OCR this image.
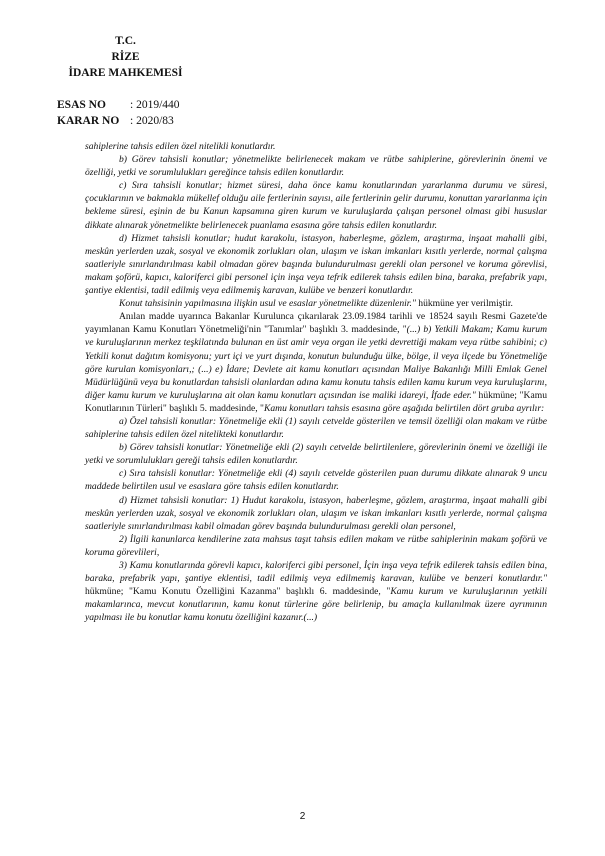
T.C.
RİZE
İDARE MAHKEMESİ
ESAS NO : 2019/440
KARAR NO : 2020/83

sahiplerine tahsis edilen özel nitelikli konutlardır.

b) Görev tahsisli konutlar; yönetmelikte belirlenecek makam ve rütbe sahiplerine, görevlerinin önemi ve özelliği, yetki ve sorumlulukları gereğince tahsis edilen konutlardır.

c) Sıra tahsisli konutlar; hizmet süresi, daha önce kamu konutlarından yararlanma durumu ve süresi, çocuklarının ve bakmakla mükellef olduğu aile fertlerinin sayısı, aile fertlerinin gelir durumu, konuttan yararlanma için bekleme süresi, eşinin de bu Kanun kapsamına giren kurum ve kuruluşlarda çalışan personel olması gibi hususlar dikkate alınarak yönetmelikte belirlenecek puanlama esasına göre tahsis edilen konutlardır.

d) Hizmet tahsisli konutlar; hudut karakolu, istasyon, haberleşme, gözlem, araştırma, inşaat mahalli gibi, meskûn yerlerden uzak, sosyal ve ekonomik zorlukları olan, ulaşım ve iskan imkanları kısıtlı yerlerde, normal çalışma saatleriyle sınırlandırılması kabil olmadan görev başında bulundurulması gerekli olan personel ve koruma görevlisi, makam şoförü, kapıcı, kaloriferci gibi personel için inşa veya tefrik edilerek tahsis edilen bina, baraka, prefabrik yapı, şantiye eklentisi, tadil edilmiş veya edilmemiş karavan, kulübe ve benzeri konutlardır.

Konut tahsisinin yapılmasına ilişkin usul ve esaslar yönetmelikte düzenlenir." hükmüne yer verilmiştir.

Anılan madde uyarınca Bakanlar Kurulunca çıkarılarak 23.09.1984 tarihli ve 18524 sayılı Resmi Gazete'de yayımlanan Kamu Konutları Yönetmeliği'nin "Tanımlar" başlıklı 3. maddesinde, "(...) b) Yetkili Makam; Kamu kurum ve kuruluşlarının merkez teşkilatında bulunan en üst amir veya organ ile yetki devrettiği makam veya rütbe sahibini; c) Yetkili konut dağıtım komisyonu; yurt içi ve yurt dışında, konutun bulunduğu ülke, bölge, il veya ilçede bu Yönetmeliğe göre kurulan komisyonları,; (...) e) İdare; Devlete ait kamu konutları açısından Maliye Bakanlığı Milli Emlak Genel Müdürlüğünü veya bu konutlardan tahsisli olanlardan adına kamu konutu tahsis edilen kamu kurum veya kuruluşlarını, diğer kamu kurum ve kuruluşlarına ait olan kamu konutları açısından ise maliki idareyi, İfade eder." hükmüne; "Kamu Konutlarının Türleri" başlıklı 5. maddesinde, "Kamu konutları tahsis esasına göre aşağıda belirtilen dört gruba ayrılır:

a) Özel tahsisli konutlar: Yönetmeliğe ekli (1) sayılı cetvelde gösterilen ve temsil özelliği olan makam ve rütbe sahiplerine tahsis edilen özel nitelikteki konutlardır.

b) Görev tahsisli konutlar: Yönetmeliğe ekli (2) sayılı cetvelde belirtilenlere, görevlerinin önemi ve özelliği ile yetki ve sorumlulukları gereği tahsis edilen konutlardır.

c) Sıra tahsisli konutlar: Yönetmeliğe ekli (4) sayılı cetvelde gösterilen puan durumu dikkate alınarak 9 uncu maddede belirtilen usul ve esaslara göre tahsis edilen konutlardır.

d) Hizmet tahsisli konutlar: 1) Hudut karakolu, istasyon, haberleşme, gözlem, araştırma, inşaat mahalli gibi meskûn yerlerden uzak, sosyal ve ekonomik zorlukları olan, ulaşım ve iskan imkanları kısıtlı yerlerde, normal çalışma saatleriyle sınırlandırılması kabil olmadan görev başında bulundurulması gerekli olan personel,

2) İlgili kanunlarca kendilerine zata mahsus taşıt tahsis edilen makam ve rütbe sahiplerinin makam şoförü ve koruma görevlileri,

3) Kamu konutlarında görevli kapıcı, kaloriferci gibi personel, İçin inşa veya tefrik edilerek tahsis edilen bina, baraka, prefabrik yapı, şantiye eklentisi, tadil edilmiş veya edilmemiş karavan, kulübe ve benzeri konutlardır." hükmüne; "Kamu Konutu Özelliğini Kazanma" başlıklı 6. maddesinde, "Kamu kurum ve kuruluşlarının yetkili makamlarınca, mevcut konutlarının, kamu konut türlerine göre belirlenip, bu amaçla kullanılmak üzere ayrımının yapılması ile bu konutlar kamu konutu özelliğini kazanır.(...)

2
